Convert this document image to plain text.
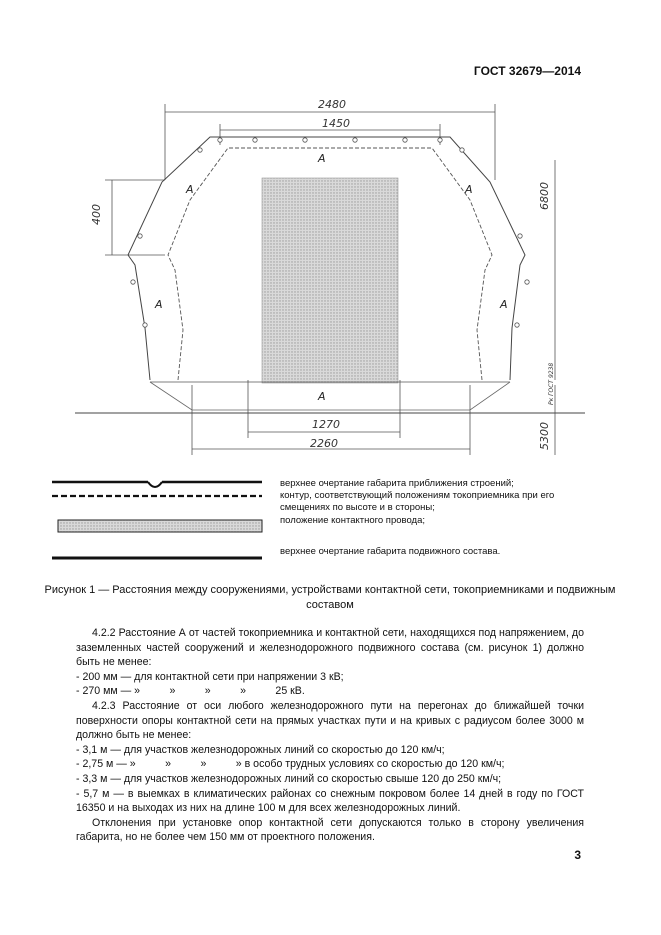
ГОСТ 32679—2014
2480
1450
400
6800
1270
2260	5300
Рк ГОСТ 9238
A
A	A
A	A
A
верхнее очертание габарита приближения строений;
контур, соответствующий положениям токоприемника при его смещениях по высоте и в стороны;
положение контактного провода;
верхнее очертание габарита подвижного состава.
Рисунок 1 — Расстояния между сооружениями, устройствами контактной сети, токоприемниками и подвижным составом

4.2.2 Расстояние А от частей токоприемника и контактной сети, находящихся под напряжением, до заземленных частей сооружений и железнодорожного подвижного состава (см. рисунок 1) должно быть не менее:

- 200 мм — для контактной сети при напряжении 3 кВ;

- 270 мм — »          »          »          »          25 кВ.

4.2.3 Расстояние от оси любого железнодорожного пути на перегонах до ближайшей точки поверхности опоры контактной сети на прямых участках пути и на кривых с радиусом более 3000 м должно быть не менее:

- 3,1 м — для участков железнодорожных линий со скоростью до 120 км/ч;

- 2,75 м — »          »          »          » в особо трудных условиях со скоростью до 120 км/ч;

- 3,3 м — для участков железнодорожных линий со скоростью свыше 120 до 250 км/ч;

- 5,7 м — в выемках в климатических районах со снежным покровом более 14 дней в году по ГОСТ 16350 и на выходах из них на длине 100 м для всех железнодорожных линий.

Отклонения при установке опор контактной сети допускаются только в сторону увеличения габарита, но не более чем 150 мм от проектного положения.

3
